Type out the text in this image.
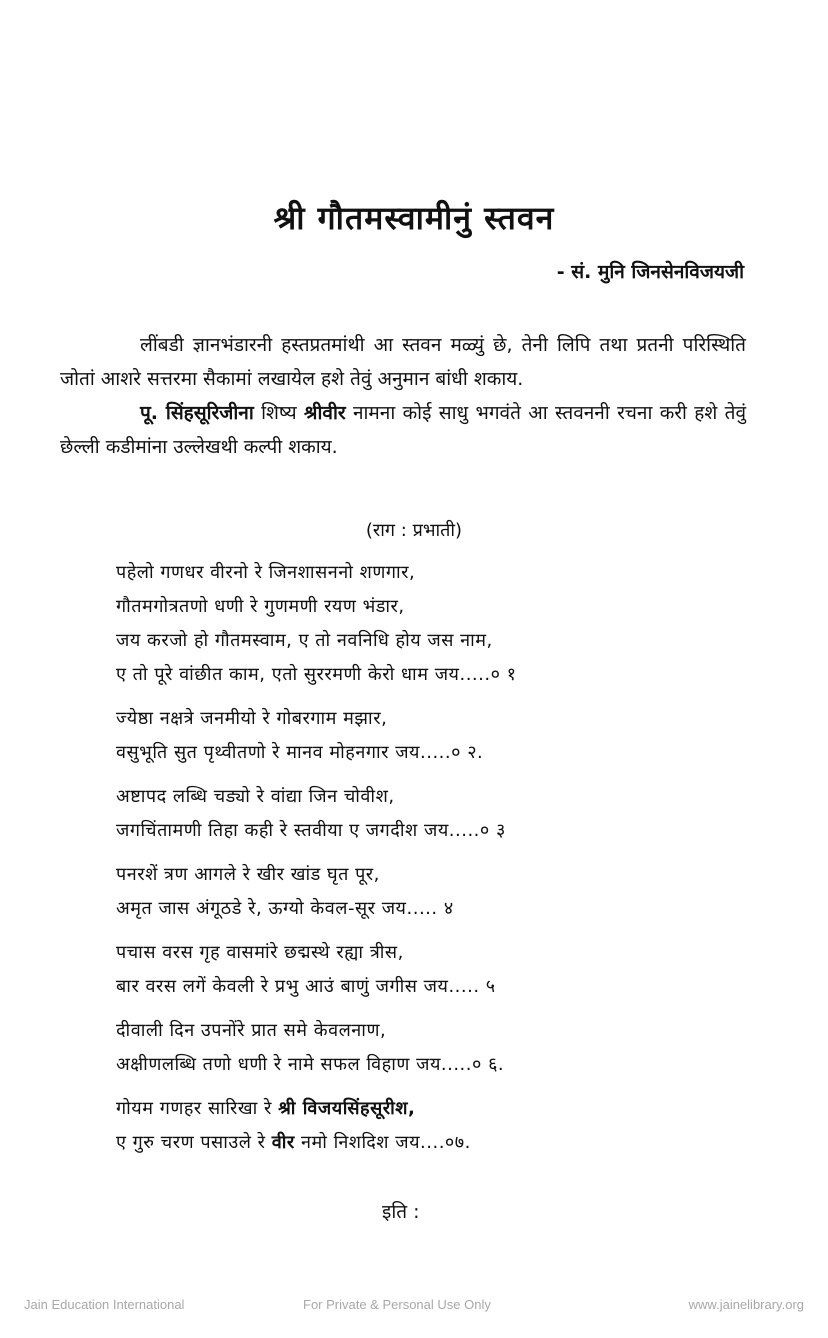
श्री गौतमस्वामीनुं स्तवन
- सं. मुनि जिनसेनविजयजी

लींबडी ज्ञानभंडारनी हस्तप्रतमांथी आ स्तवन मळ्युं छे, तेनी लिपि तथा प्रतनी परिस्थिति जोतां आशरे सत्तरमा सैकामां लखायेल हशे तेवुं अनुमान बांधी शकाय.

पू. सिंहसूरिजीना शिष्य श्रीवीर नामना कोई साधु भगवंते आ स्तवननी रचना करी हशे तेवुं छेल्ली कडीमांना उल्लेखथी कल्पी शकाय.

(राग : प्रभाती)
पहेलो गणधर वीरनो रे जिनशासननो शणगार,
गौतमगोत्रतणो धणी रे गुणमणी रयण भंडार,
जय करजो हो गौतमस्वाम, ए तो नवनिधि होय जस नाम,
ए तो पूरे वांछीत काम, एतो सुररमणी केरो धाम जय.....० १
ज्येष्ठा नक्षत्रे जनमीयो रे गोबरगाम मझार,
वसुभूति सुत पृथ्वीतणो रे मानव मोहनगार जय.....० २.
अष्टापद लब्धि चड्यो रे वांद्या जिन चोवीश,
जगचिंतामणी तिहा कही रे स्तवीया ए जगदीश जय.....० ३
पनरशें त्रण आगले रे खीर खांड घृत पूर,
अमृत जास अंगूठडे रे, ऊग्यो केवल-सूर जय..... ४
पचास वरस गृह वासमांरे छद्मस्थे रह्या त्रीस,
बार वरस लगें केवली रे प्रभु आउं बाणुं जगीस जय..... ५
दीवाली दिन उपनोंरे प्रात समे केवलनाण,
अक्षीणलब्धि तणो धणी रे नामे सफल विहाण जय.....० ६.
गोयम गणहर सारिखा रे श्री विजयसिंहसूरीश,
ए गुरु चरण पसाउले रे वीर नमो निशदिश जय....०७.
इति :
Jain Education International	For Private & Personal Use Only	www.jainelibrary.org
